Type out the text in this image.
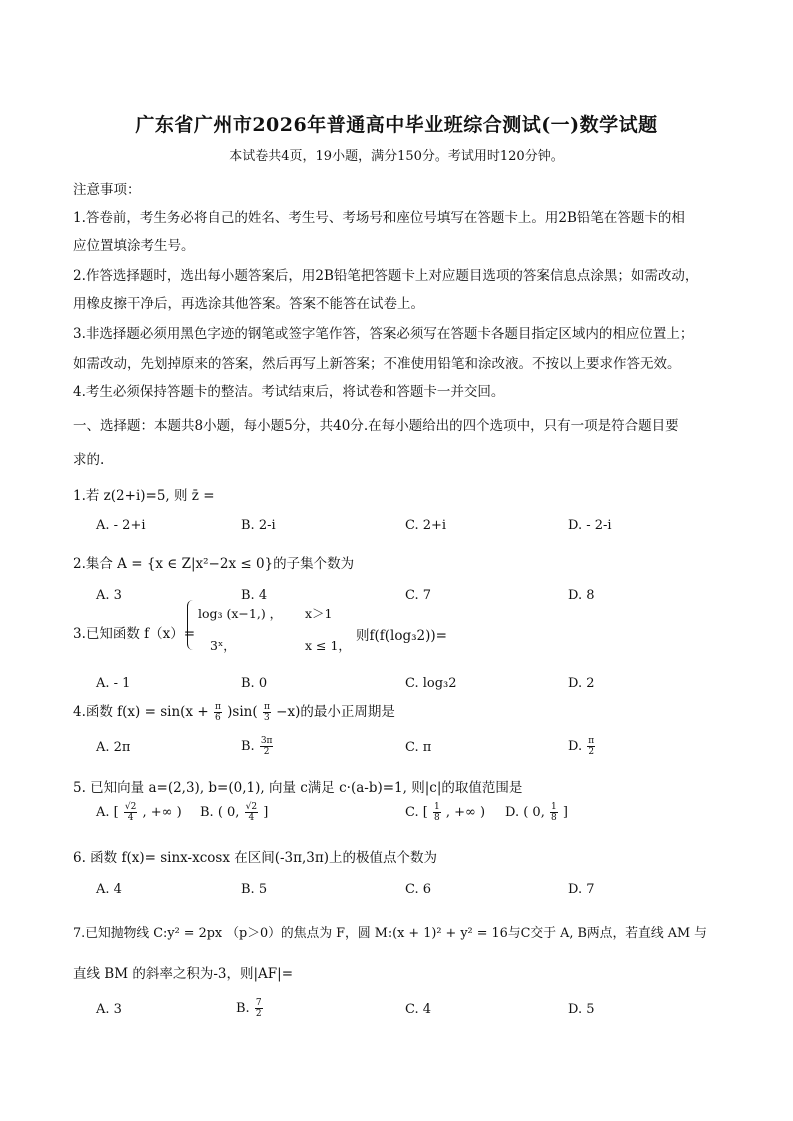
广东省广州市2026年普通高中毕业班综合测试(一)数学试题
本试卷共4页，19小题，满分150分。考试用时120分钟。
注意事项：
1.答卷前，考生务必将自己的姓名、考生号、考场号和座位号填写在答题卡上。用2B铅笔在答题卡的相
应位置填涂考生号。
2.作答选择题时，选出每小题答案后，用2B铅笔把答题卡上对应题目选项的答案信息点涂黑；如需改动，
用橡皮擦干净后，再选涂其他答案。答案不能答在试卷上。
3.非选择题必须用黑色字迹的钢笔或签字笔作答，答案必须写在答题卡各题目指定区域内的相应位置上；
如需改动，先划掉原来的答案，然后再写上新答案；不准使用铅笔和涂改液。不按以上要求作答无效。
4.考生必须保持答题卡的整洁。考试结束后，将试卷和答题卡一并交回。
一、选择题：本题共8小题，每小题5分，共40分.在每小题给出的四个选项中，只有一项是符合题目要
求的.
1.若 z(2+i)=5, 则 z̄ =
A. - 2+i	B. 2-i	C. 2+i	D. - 2-i
2.集合 A = {x ∈ Z|x²−2x ≤ 0}的子集个数为
A. 3	B. 4	C. 7	D. 8
3.已知函数 f（x）=
log₃ (x−1,) ， x＞1
3ˣ，	x ≤ 1，
则f(f(log₃2))=
A. - 1	B. 0	C. log₃2	D. 2
4.函数 $f(x) = \sin(x + \frac{\pi}{6} )\sin( \frac{\pi}{3} -x)$的最小正周期是
A. 2π	B. $\frac{3\pi}{2}$	C. π	D. $\frac{\pi}{2}$
5. 已知向量 a=(2,3), b=(0,1), 向量 c满足 c·(a-b)=1, 则|c|的取值范围是
A. [ $\frac{√2}{4}$ , +∞ ) B. ( 0, $\frac{√2}{4}$ ]	C. [ $\frac{1}{8}$ , +∞ ) D. ( 0, $\frac{1}{8}$ ]
6. 函数 f(x)= sinx-xcosx 在区间(-3π,3π)上的极值点个数为
A. 4	B. 5	C. 6	D. 7
7.已知抛物线 C:y² = 2px （p＞0）的焦点为 F，圆 M:(x + 1)² + y² = 16与C交于 A, B两点，若直线 AM 与
直线 BM 的斜率之积为-3，则|AF|=
A. 3	B. $\frac{7}{2}$	C. 4	D. 5
